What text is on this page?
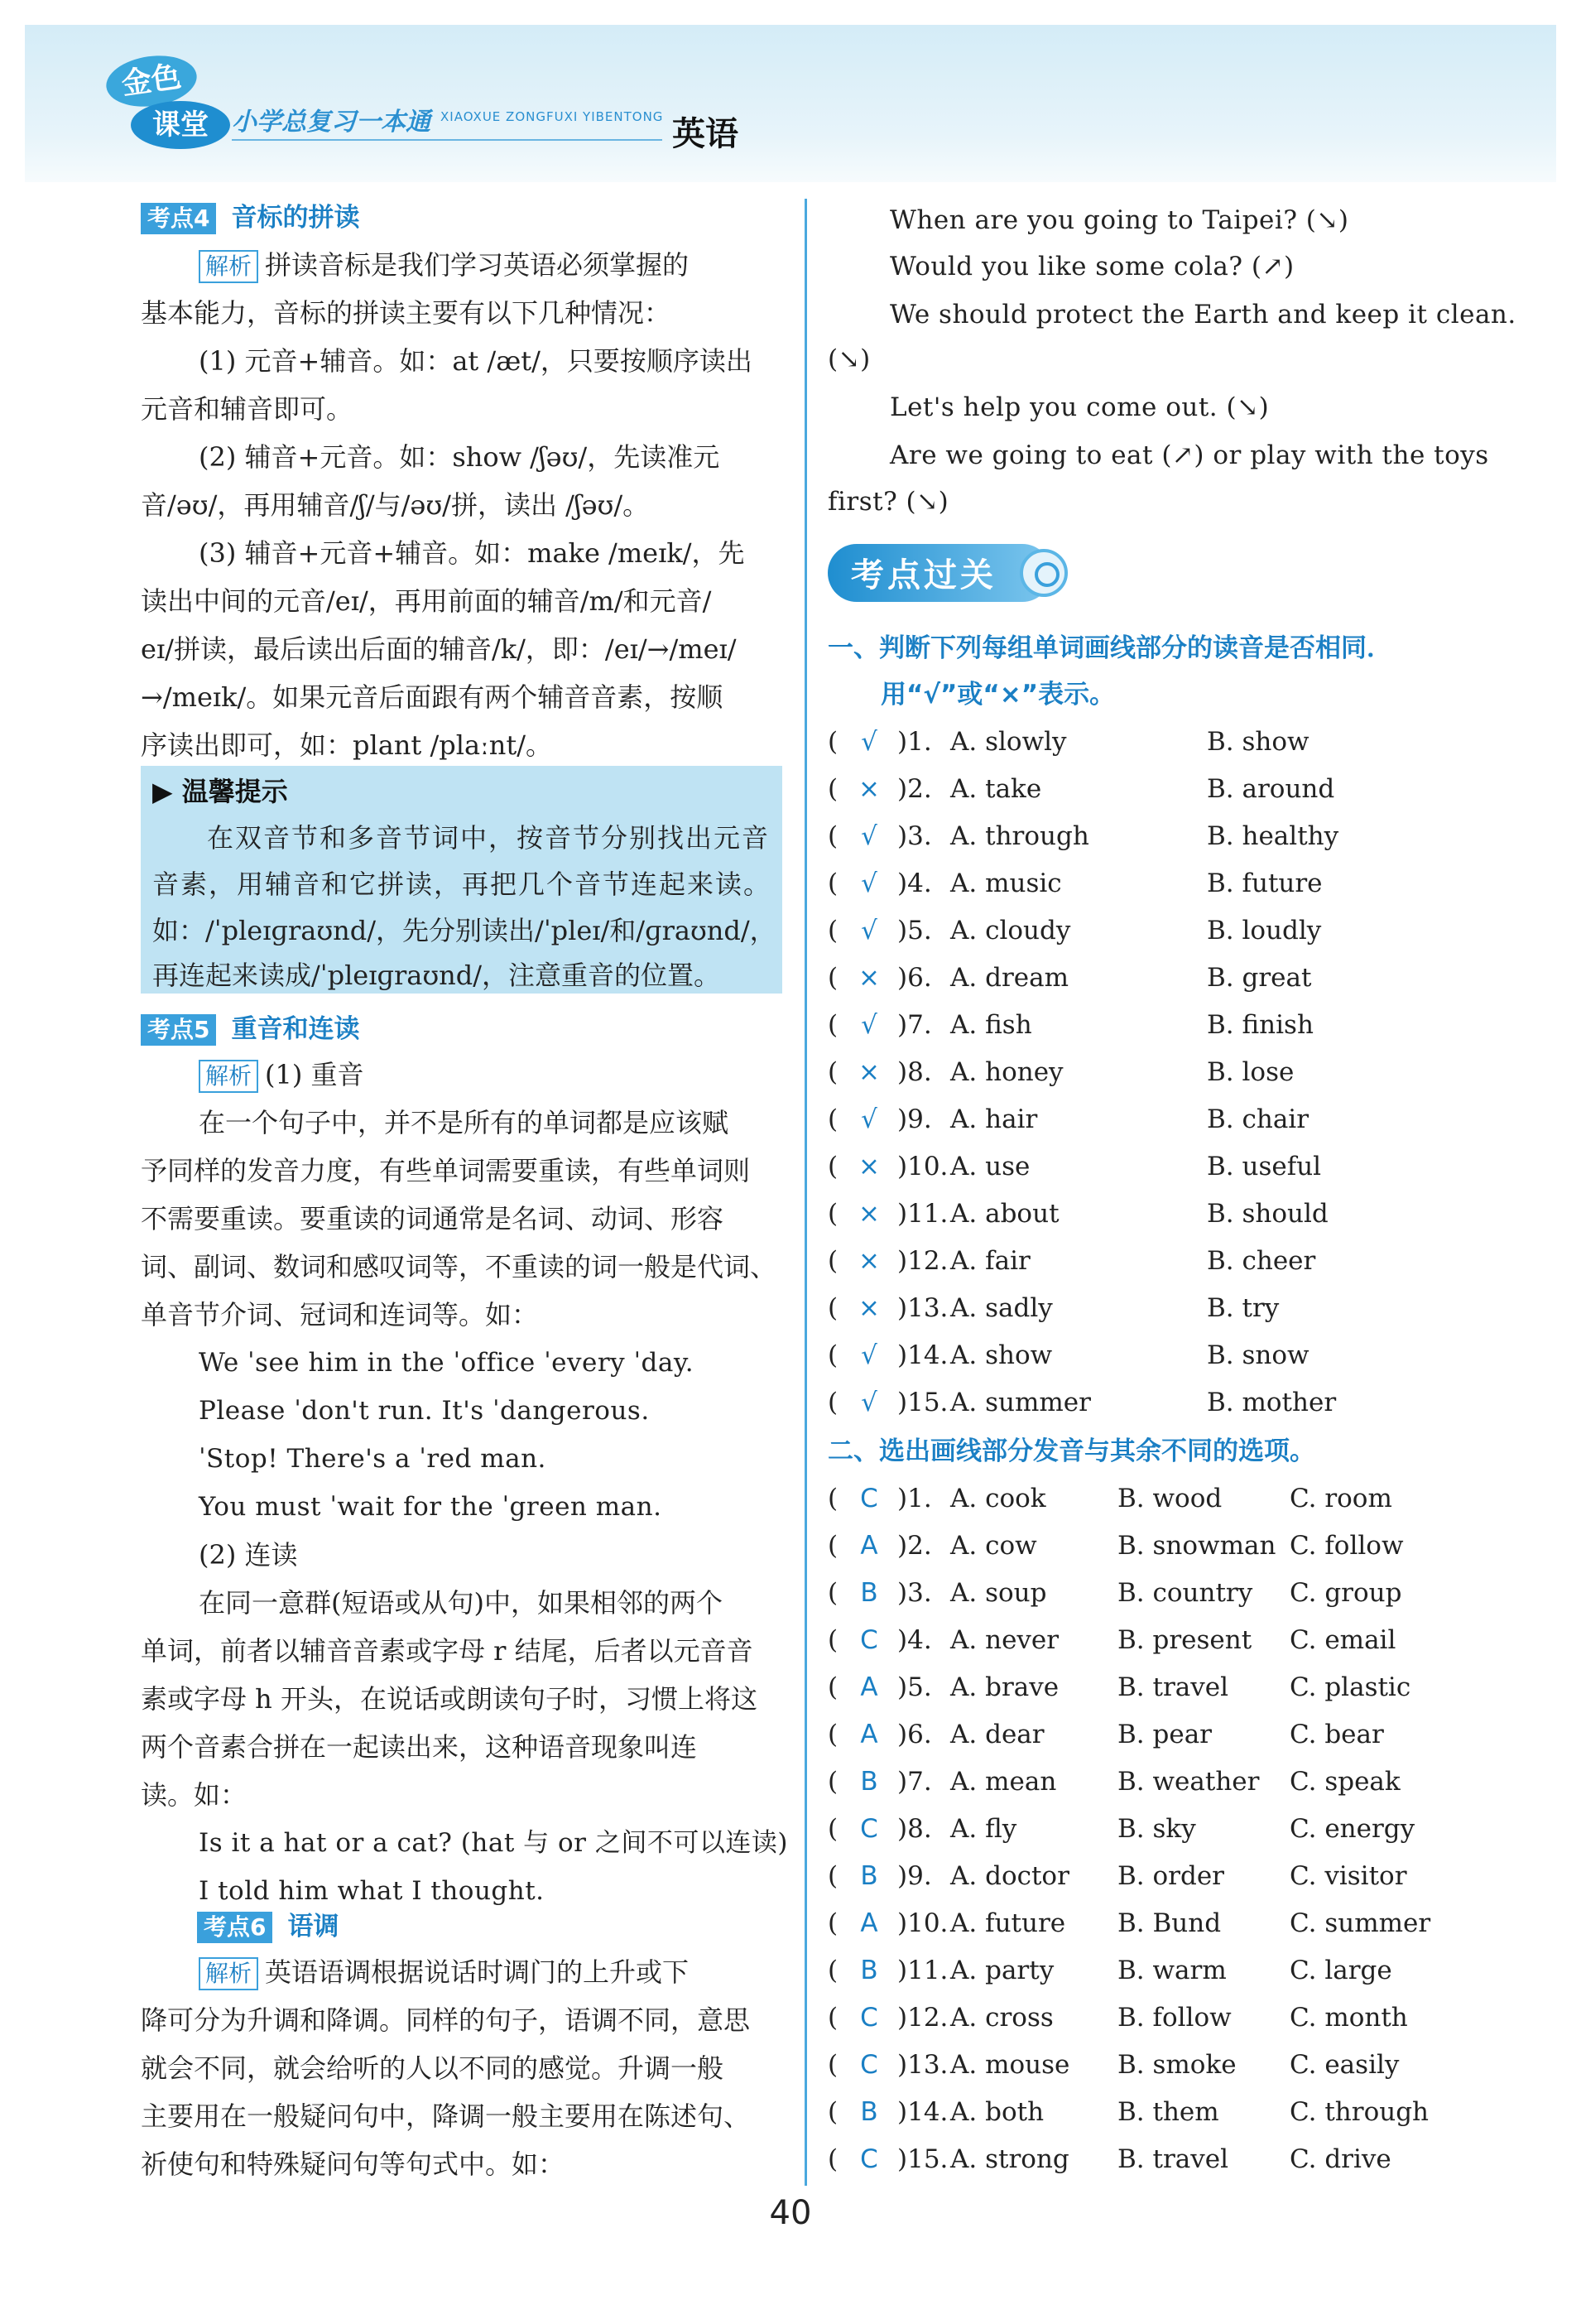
金色
课堂 小学总复习一本通 XIAOXUE ZONGFUXI YIBENTONG 英语
考点4 音标的拼读
解析 拼读音标是我们学习英语必须掌握的
基本能力，音标的拼读主要有以下几种情况：
(1) 元音+辅音。如：at /æt/，只要按顺序读出
元音和辅音即可。
(2) 辅音+元音。如：show /ʃəʊ/，先读准元
音/əʊ/，再用辅音/ʃ/与/əʊ/拼，读出 /ʃəʊ/。
(3) 辅音+元音+辅音。如：make /meɪk/，先
读出中间的元音/eɪ/，再用前面的辅音/m/和元音/
eɪ/拼读，最后读出后面的辅音/k/，即：/eɪ/→/meɪ/
→/meɪk/。如果元音后面跟有两个辅音音素，按顺
序读出即可，如：plant /plaːnt/。
▶ 温馨提示
在双音节和多音节词中，按音节分别找出元音
音素，用辅音和它拼读，再把几个音节连起来读。
如：/ˈpleɪɡraʊnd/，先分别读出/ˈpleɪ/和/ɡraʊnd/，
再连起来读成/ˈpleɪɡraʊnd/，注意重音的位置。
考点5 重音和连读
解析 (1) 重音
在一个句子中，并不是所有的单词都是应该赋
予同样的发音力度，有些单词需要重读，有些单词则
不需要重读。要重读的词通常是名词、动词、形容
词、副词、数词和感叹词等，不重读的词一般是代词、
单音节介词、冠词和连词等。如：
We ˈsee him in the ˈoffice ˈevery ˈday.
Please ˈdon't run. It's ˈdangerous.
ˈStop! There's a ˈred man.
You must ˈwait for the ˈgreen man.
(2) 连读
在同一意群(短语或从句)中，如果相邻的两个
单词，前者以辅音音素或字母 r 结尾，后者以元音音
素或字母 h 开头，在说话或朗读句子时，习惯上将这
两个音素合拼在一起读出来，这种语音现象叫连
读。如：
Is it a hat or a cat? (hat 与 or 之间不可以连读)
I told him what I thought.
考点6 语调
解析 英语语调根据说话时调门的上升或下
降可分为升调和降调。同样的句子，语调不同，意思
就会不同，就会给听的人以不同的感觉。升调一般
主要用在一般疑问句中，降调一般主要用在陈述句、
祈使句和特殊疑问句等句式中。如：
When are you going to Taipei? (↘)
Would you like some cola? (↗)
We should protect the Earth and keep it clean.
(↘)
Let's help you come out. (↘)
Are we going to eat (↗) or play with the toys
first? (↘)
考点过关
一、判断下列每组单词画线部分的读音是否相同．
用“√”或“×”表示。
( √ )1. A. slowly	B. show
( × )2. A. take	B. around
( √ )3. A. through	B. healthy
( √ )4. A. music	B. future
( √ )5. A. cloudy	B. loudly
( × )6. A. dream	B. great
( √ )7. A. fish	B. finish
( × )8. A. honey	B. lose
( √ )9. A. hair	B. chair
( × )10. A. use	B. useful
( × )11. A. about	B. should
( × )12. A. fair	B. cheer
( × )13. A. sadly	B. try
( √ )14. A. show	B. snow
( √ )15. A. summer	B. mother
二、选出画线部分发音与其余不同的选项。
( C )1. A. cook	B. wood	C. room
( A )2. A. cow	B. snowman C. follow
( B )3. A. soup	B. country C. group
( C )4. A. never B. present C. email
( A )5. A. brave B. travel C. plastic
( A )6. A. dear	B. pear	C. bear
( B )7. A. mean B. weather C. speak
( C )8. A. fly	B. sky	C. energy
( B )9. A. doctor B. order	C. visitor
( A )10. A. future B. Bund	C. summer
( B )11. A. party B. warm C. large
( C )12. A. cross B. follow C. month
( C )13. A. mouse B. smoke C. easily
( B )14. A. both	B. them	C. through
( C )15. A. strong B. travel C. drive
40
